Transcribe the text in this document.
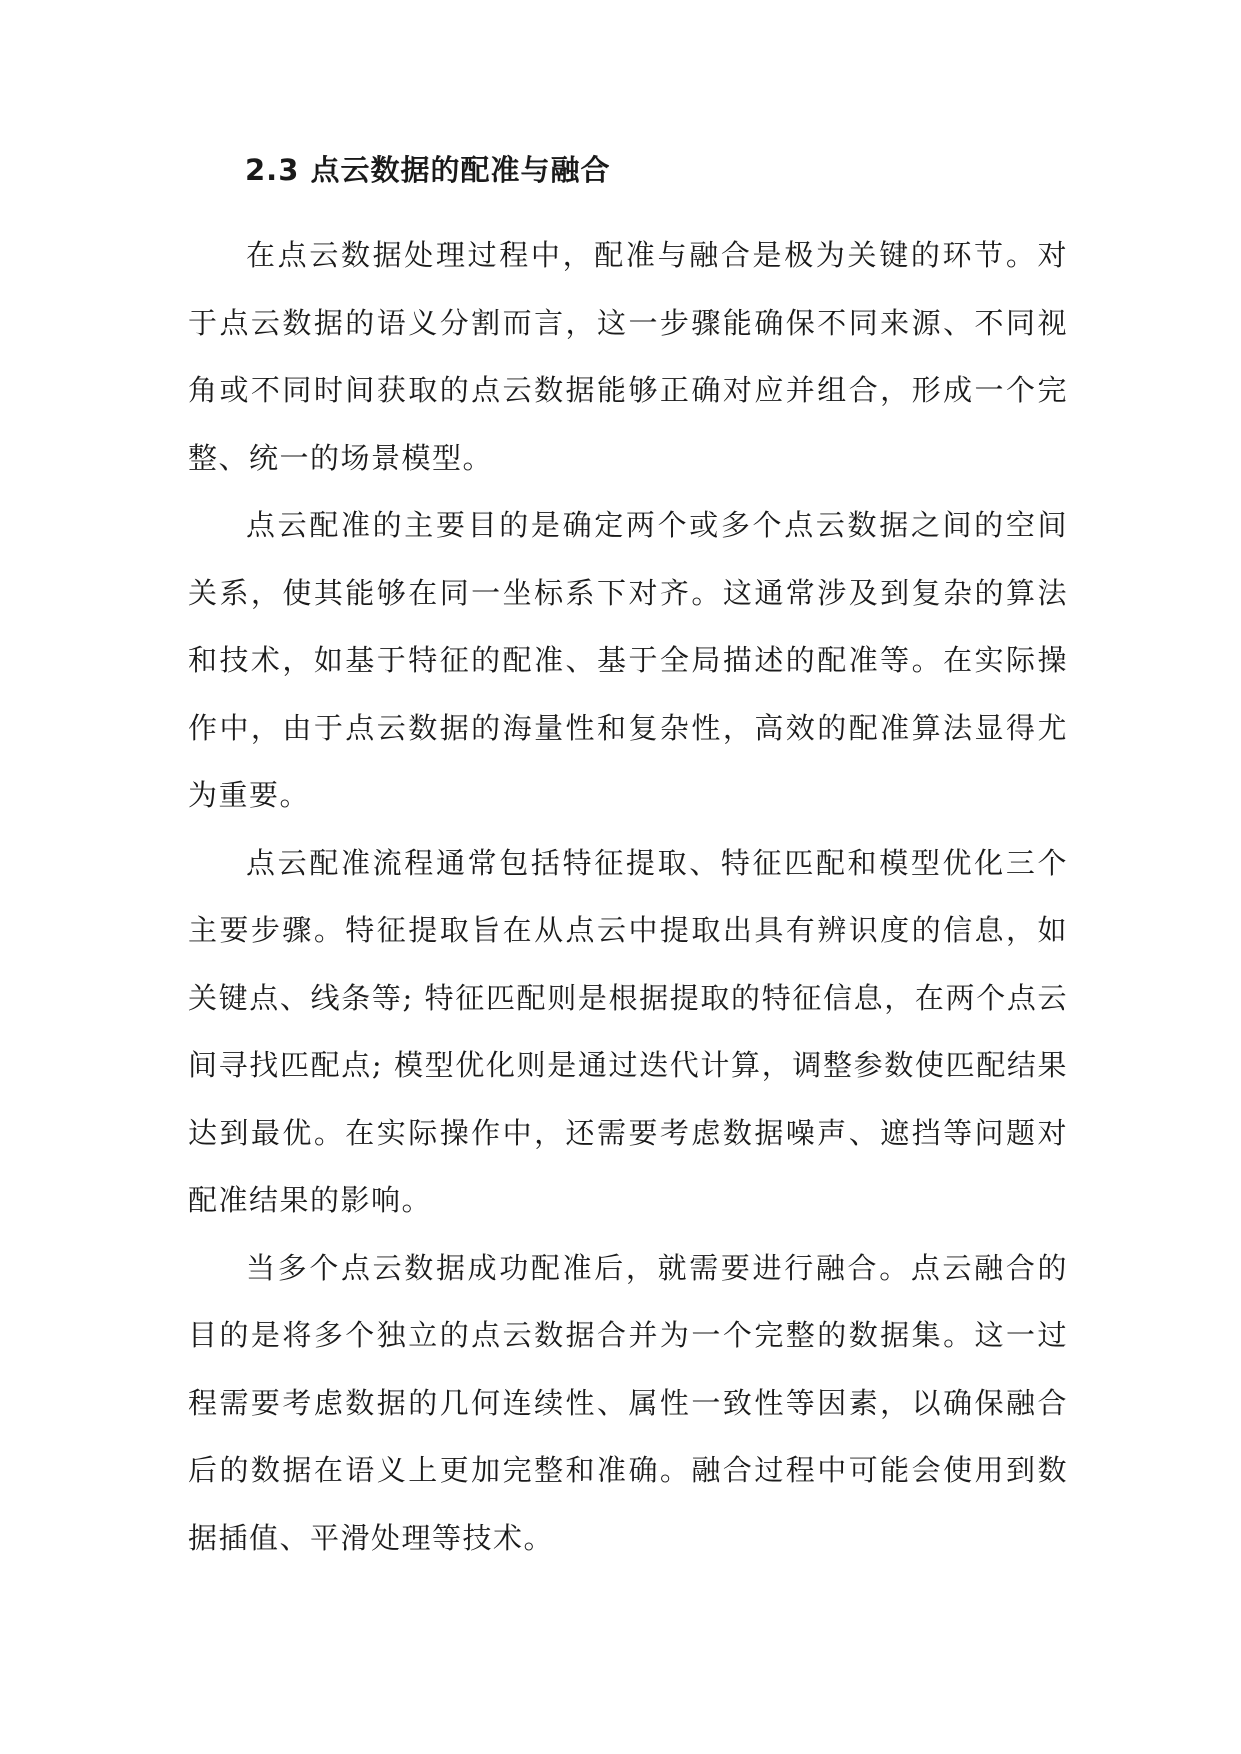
2.3 点云数据的配准与融合

在点云数据处理过程中，配准与融合是极为关键的环节。对于点云数据的语义分割而言，这一步骤能确保不同来源、不同视角或不同时间获取的点云数据能够正确对应并组合，形成一个完整、统一的场景模型。

点云配准的主要目的是确定两个或多个点云数据之间的空间关系，使其能够在同一坐标系下对齐。这通常涉及到复杂的算法和技术，如基于特征的配准、基于全局描述的配准等。在实际操作中，由于点云数据的海量性和复杂性，高效的配准算法显得尤为重要。

点云配准流程通常包括特征提取、特征匹配和模型优化三个主要步骤。特征提取旨在从点云中提取出具有辨识度的信息，如关键点、线条等; 特征匹配则是根据提取的特征信息，在两个点云间寻找匹配点; 模型优化则是通过迭代计算，调整参数使匹配结果达到最优。在实际操作中，还需要考虑数据噪声、遮挡等问题对配准结果的影响。

当多个点云数据成功配准后，就需要进行融合。点云融合的目的是将多个独立的点云数据合并为一个完整的数据集。这一过程需要考虑数据的几何连续性、属性一致性等因素，以确保融合后的数据在语义上更加完整和准确。融合过程中可能会使用到数据插值、平滑处理等技术。
